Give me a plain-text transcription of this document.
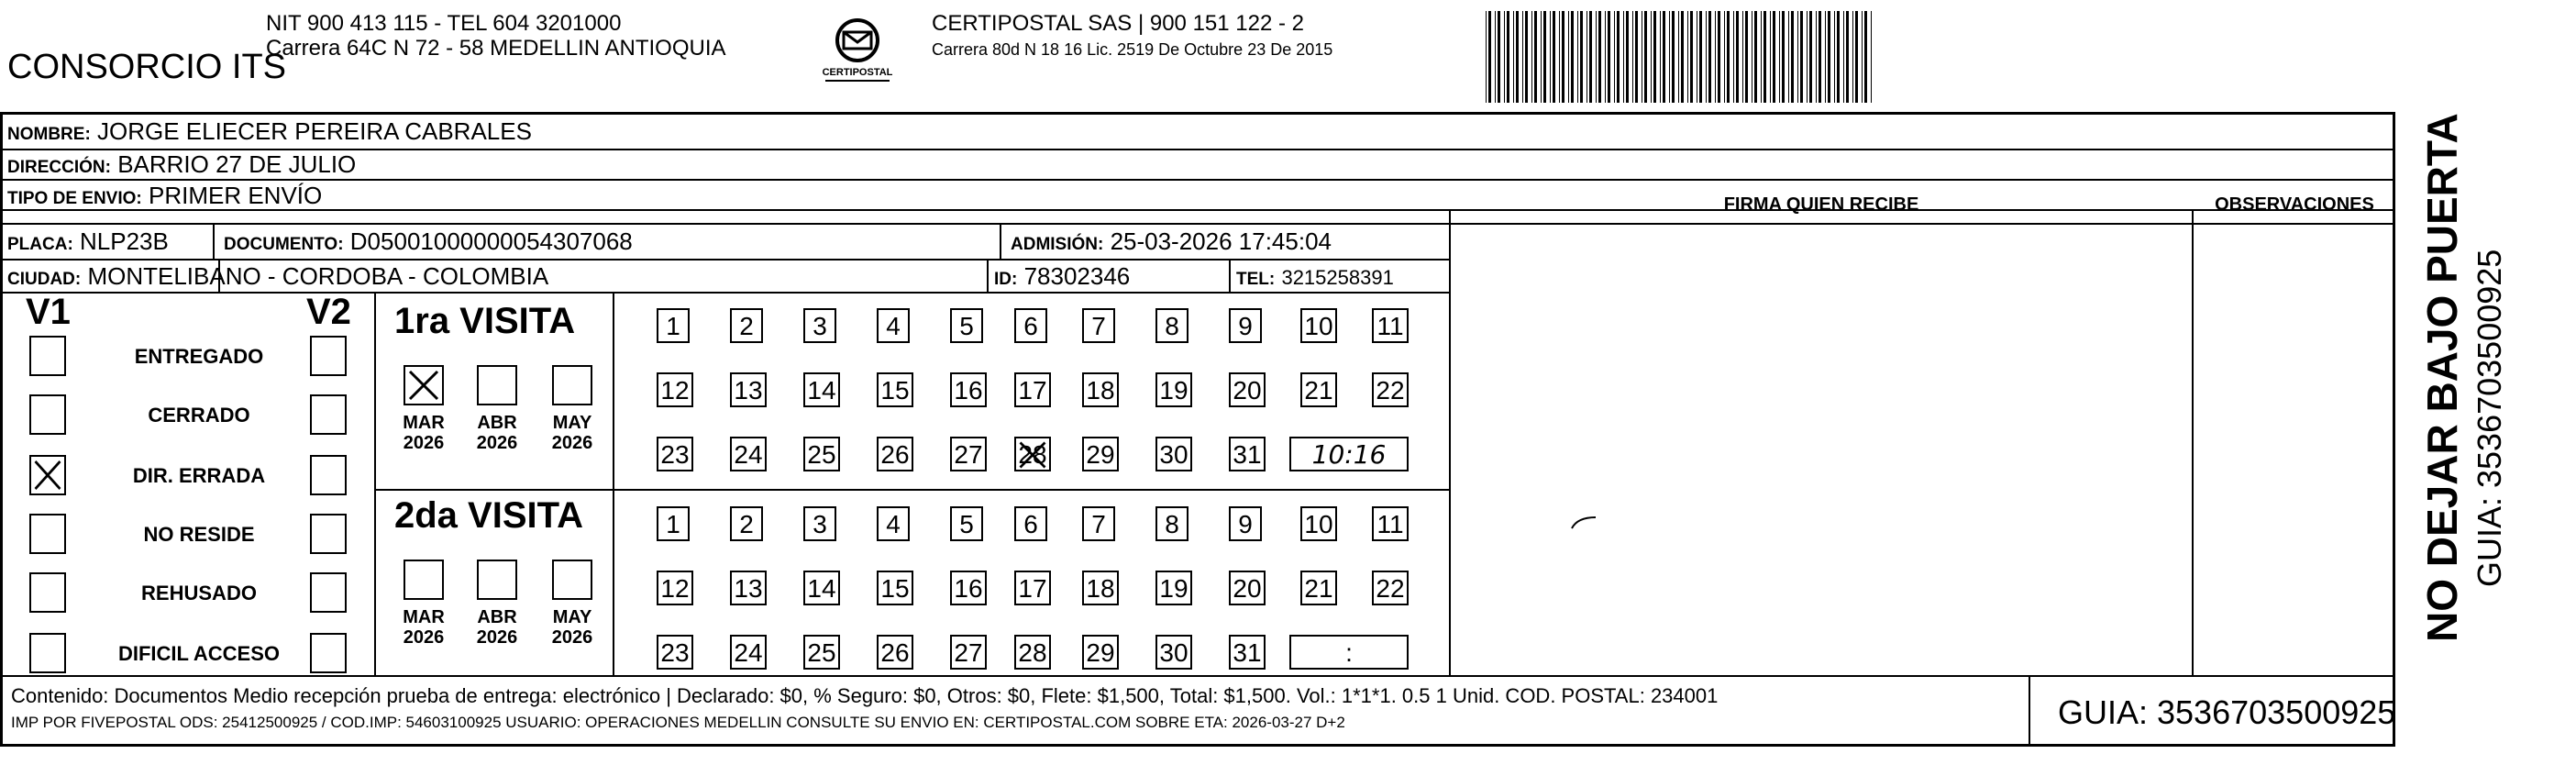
CONSORCIO ITS
NIT 900 413 115 - TEL 604 3201000
Carrera 64C N 72 - 58 MEDELLIN ANTIOQUIA
CERTIPOSTAL
CERTIPOSTAL SAS | 900 151 122 - 2
Carrera 80d N 18 16 Lic. 2519 De Octubre 23 De 2015
NOMBRE: JORGE ELIECER PEREIRA CABRALES
DIRECCIÓN: BARRIO 27 DE JULIO
TIPO DE ENVIO: PRIMER ENVÍO
PLACA: NLP23B	DOCUMENTO: D05001000000054307068	ADMISIÓN: 25-03-2026 17:45:04
CIUDAD: MONTELIBANO - CORDOBA - COLOMBIA	ID: 78302346	TEL: 3215258391
FIRMA QUIEN RECIBE	OBSERVACIONES
V1	V2
ENTREGADO
CERRADO
DIR. ERRADA
NO RESIDE
REHUSADO
DIFICIL ACCESO
1ra VISITA
2da VISITA
MAR
2026
ABR
2026
MAY
2026
MAR
2026
ABR
2026
MAY
2026
1	2	3	4	5	6	7	8	9	10 11
12 13 14 15 16 17 18 19 20 21 22
23 24 25 26 27 28 29 30 31	10:16
1	2	3	4	5	6	7	8	9	10 11
12 13 14 15 16 17 18 19 20 21 22
23 24 25 26 27 28 29 30 31	:
NO DEJAR BAJO PUERTA GUIA: 3536703500925
Contenido: Documentos Medio recepción prueba de entrega: electrónico | Declarado: $0, % Seguro: $0, Otros: $0, Flete: $1,500, Total: $1,500. Vol.: 1*1*1. 0.5 1 Unid. COD. POSTAL: 234001
IMP POR FIVEPOSTAL ODS: 25412500925 / COD.IMP: 54603100925 USUARIO: OPERACIONES MEDELLIN CONSULTE SU ENVIO EN: CERTIPOSTAL.COM SOBRE ETA: 2026-03-27 D+2	GUIA: 3536703500925
